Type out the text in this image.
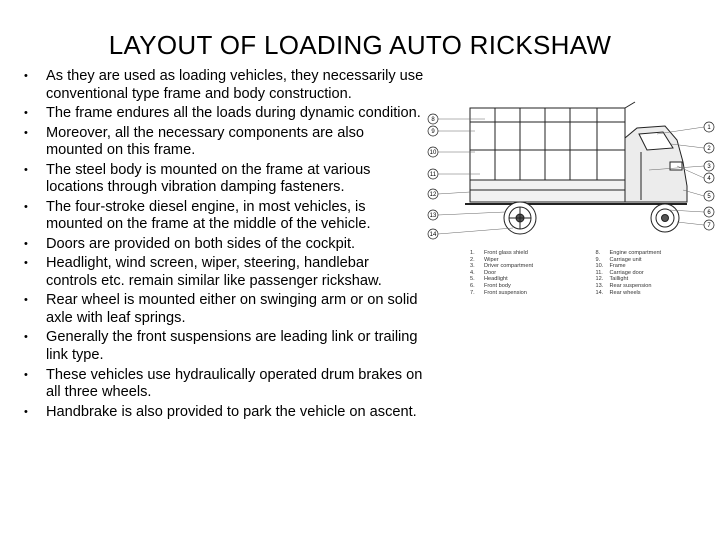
LAYOUT OF LOADING AUTO RICKSHAW
• As they are used as loading vehicles, they necessarily use conventional type frame and body construction.
• The frame endures all the loads during dynamic condition.
• Moreover, all the necessary components are also mounted on this frame.
• The steel body is mounted on the frame at various locations through vibration damping fasteners.
• The four-stroke diesel engine, in most vehicles, is mounted on the frame at the middle of the vehicle.
• Doors are provided on both sides of the cockpit.
• Headlight, wind screen, wiper, steering, handlebar controls etc. remain similar like passenger rickshaw.
• Rear wheel is mounted either on swinging arm or on solid axle with leaf springs.
• Generally the front suspensions are leading link or trailing link type.
• These vehicles use hydraulically operated drum brakes on all three wheels.
• Handbrake is also provided to park the vehicle on ascent.
8
9
10
11
12
13
14
1
2
3
4
5
6
7
1. Front glass shield
2. Wiper
3. Driver compartment
4. Door
5. Headlight
6. Front body
7. Front suspension
8. Engine compartment
9. Carriage unit
10. Frame
11. Carriage door
12. Taillight
13. Rear suspension
14. Rear wheels
